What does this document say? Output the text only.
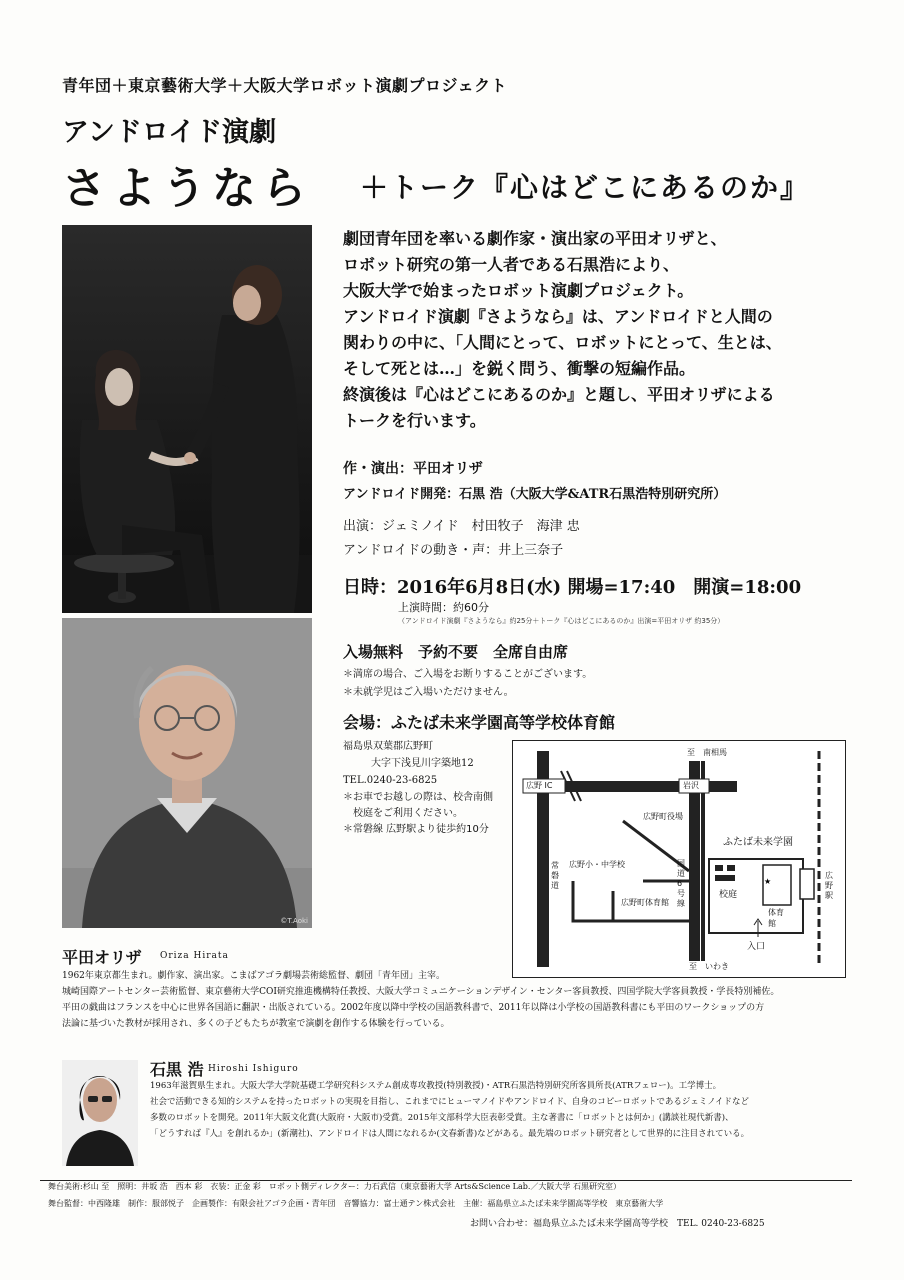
青年団＋東京藝術大学＋大阪大学ロボット演劇プロジェクト
アンドロイド演劇
さようなら ＋トーク『心はどこにあるのか』
©T.Aoki
劇団青年団を率いる劇作家・演出家の平田オリザと、
ロボット研究の第一人者である石黒浩により、
大阪大学で始まったロボット演劇プロジェクト。
アンドロイド演劇『さようなら』は、アンドロイドと人間の
関わりの中に、「人間にとって、ロボットにとって、生とは、
そして死とは…」を鋭く問う、衝撃の短編作品。
終演後は『心はどこにあるのか』と題し、平田オリザによる
トークを行います。
作・演出：平田オリザ
アンドロイド開発：石黒 浩（大阪大学&ATR石黒浩特別研究所）
出演：ジェミノイド　村田牧子　海津 忠
アンドロイドの動き・声：井上三奈子
日時：2016年6月8日(水) 開場=17:40　開演=18:00
上演時間：約60分
（アンドロイド演劇『さようなら』約25分＋トーク『心はどこにあるのか』出演=平田オリザ 約35分）
入場無料　予約不要　全席自由席
＊満席の場合、ご入場をお断りすることがございます。
＊未就学児はご入場いただけません。
会場：ふたば未来学園高等学校体育館
福島県双葉郡広野町
大字下浅見川字築地12
TEL.0240-23-6825
＊お車でお越しの際は、校舎南側
校庭をご利用ください。
＊常磐線 広野駅より徒歩約10分
★
至　南相馬
至　いわき
広野 IC	岩沢
広野町役場
ふたば未来学園
広野小・中学校
広野町体育館
校庭
体育館
入口
国道6号線
常磐道
広野駅
平田オリザ Oriza Hirata
1962年東京都生まれ。劇作家、演出家。こまばアゴラ劇場芸術総監督、劇団「青年団」主宰。
城崎国際アートセンター芸術監督、東京藝術大学COI研究推進機構特任教授、大阪大学コミュニケーションデザイン・センター客員教授、四国学院大学客員教授・学長特別補佐。
平田の戯曲はフランスを中心に世界各国語に翻訳・出版されている。2002年度以降中学校の国語教科書で、2011年以降は小学校の国語教科書にも平田のワークショップの方
法論に基づいた教材が採用され、多くの子どもたちが教室で演劇を創作する体験を行っている。
石黒 浩 Hiroshi Ishiguro
1963年滋賀県生まれ。大阪大学大学院基礎工学研究科システム創成専攻教授(特別教授)・ATR石黒浩特別研究所客員所長(ATRフェロー)。工学博士。
社会で活動できる知的システムを持ったロボットの実現を目指し、これまでにヒューマノイドやアンドロイド、自身のコピーロボットであるジェミノイドなど
多数のロボットを開発。2011年大阪文化賞(大阪府・大阪市)受賞。2015年文部科学大臣表彰受賞。主な著書に「ロボットとは何か」(講談社現代新書)、
「どうすれば『人』を創れるか」(新潮社)、アンドロイドは人間になれるか(文春新書)などがある。最先端のロボット研究者として世界的に注目されている。
舞台美術:杉山 至　照明：井坂 浩　西本 彩　衣装：正金 彩　ロボット側ディレクター：力石武信（東京藝術大学 Arts&Science Lab.／大阪大学 石黒研究室）
舞台監督：中西隆雄　制作：服部悦子　企画製作：有限会社アゴラ企画・青年団　音響協力：富士通テン株式会社　主催：福島県立ふたば未来学園高等学校　東京藝術大学
お問い合わせ：福島県立ふたば未来学園高等学校　TEL. 0240-23-6825
